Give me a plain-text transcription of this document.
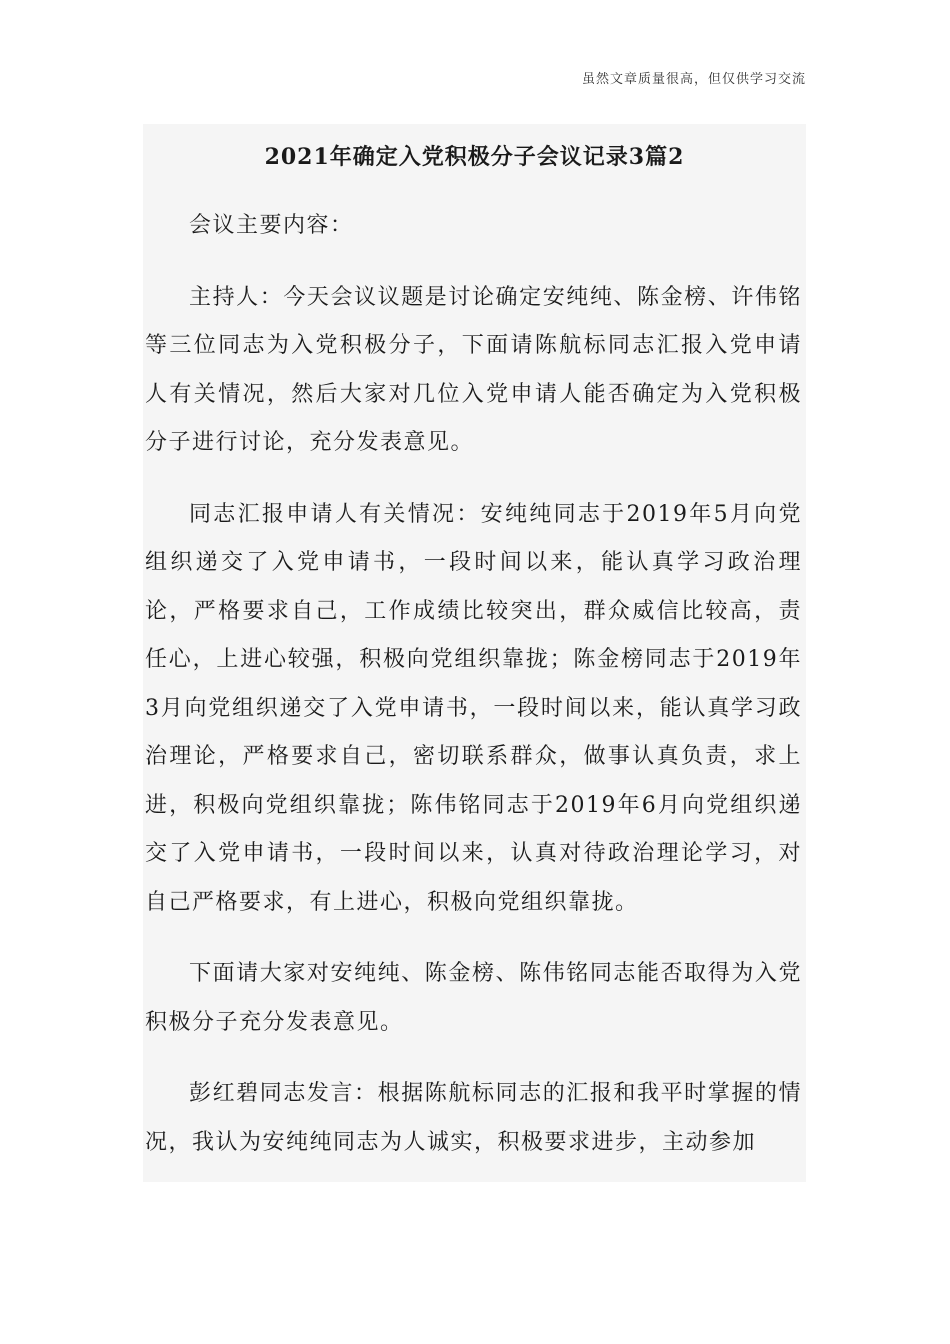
虽然文章质量很高，但仅供学习交流
2021年确定入党积极分子会议记录3篇2

会议主要内容：

主持人：今天会议议题是讨论确定安纯纯、陈金榜、许伟铭等三位同志为入党积极分子，下面请陈航标同志汇报入党申请人有关情况，然后大家对几位入党申请人能否确定为入党积极分子进行讨论，充分发表意见。

同志汇报申请人有关情况：安纯纯同志于2019年5月向党组织递交了入党申请书，一段时间以来，能认真学习政治理论，严格要求自己，工作成绩比较突出，群众威信比较高，责任心，上进心较强，积极向党组织靠拢；陈金榜同志于2019年3月向党组织递交了入党申请书，一段时间以来，能认真学习政治理论，严格要求自己，密切联系群众，做事认真负责，求上进，积极向党组织靠拢；陈伟铭同志于2019年6月向党组织递交了入党申请书，一段时间以来，认真对待政治理论学习，对自己严格要求，有上进心，积极向党组织靠拢。

下面请大家对安纯纯、陈金榜、陈伟铭同志能否取得为入党积极分子充分发表意见。

彭红碧同志发言：根据陈航标同志的汇报和我平时掌握的情况，我认为安纯纯同志为人诚实，积极要求进步，主动参加
